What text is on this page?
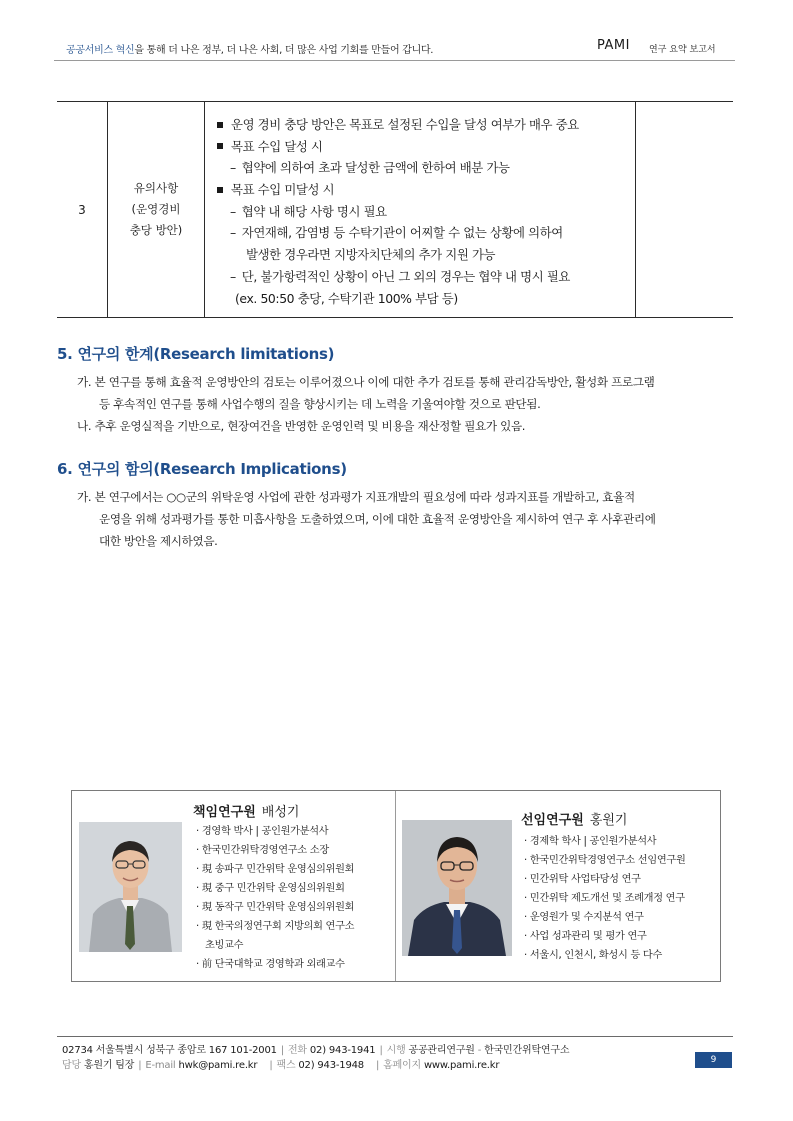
공공서비스 혁신을 통해 더 나은 정부, 더 나은 사회, 더 많은 사업 기회를 만들어 갑니다.	PAMI 연구 요약 보고서
3
유의사항
(운영경비
충당 방안)
운영 경비 충당 방안은 목표로 설정된 수입을 달성 여부가 매우 중요
목표 수입 달성 시
– 협약에 의하여 초과 달성한 금액에 한하여 배분 가능
목표 수입 미달성 시
– 협약 내 해당 사항 명시 필요
– 자연재해, 감염병 등 수탁기관이 어찌할 수 없는 상황에 의하여
발생한 경우라면 지방자치단체의 추가 지원 가능
– 단, 불가항력적인 상황이 아닌 그 외의 경우는 협약 내 명시 필요
(ex. 50:50 충당, 수탁기관 100% 부담 등)
5. 연구의 한계(Research limitations)
가. 본 연구를 통해 효율적 운영방안의 검토는 이루어졌으나 이에 대한 추가 검토를 통해 관리감독방안, 활성화 프로그램
등 후속적인 연구를 통해 사업수행의 질을 향상시키는 데 노력을 기울여야할 것으로 판단됨.
나. 추후 운영실적을 기반으로, 현장여건을 반영한 운영인력 및 비용을 재산정할 필요가 있음.
6. 연구의 함의(Research Implications)
가. 본 연구에서는 ○○군의 위탁운영 사업에 관한 성과평가 지표개발의 필요성에 따라 성과지표를 개발하고, 효율적
운영을 위해 성과평가를 통한 미흡사항을 도출하였으며, 이에 대한 효율적 운영방안을 제시하여 연구 후 사후관리에
대한 방안을 제시하였음.
책임연구원 배성기
· 경영학 박사 | 공인원가분석사
· 한국민간위탁경영연구소 소장
· 現 송파구 민간위탁 운영심의위원회
· 現 중구 민간위탁 운영심의위원회
· 現 동작구 민간위탁 운영심의위원회
· 現 한국의정연구회 지방의회 연구소
초빙교수
· 前 단국대학교 경영학과 외래교수
선임연구원 홍원기
· 경제학 학사 | 공인원가분석사
· 한국민간위탁경영연구소 선임연구원
· 민간위탁 사업타당성 연구
· 민간위탁 제도개선 및 조례개정 연구
· 운영원가 및 수지분석 연구
· 사업 성과관리 및 평가 연구
· 서울시, 인천시, 화성시 등 다수
02734 서울특별시 성북구 종암로 167 101-2001 | 전화 02) 943-1941 | 시행 공공관리연구원 - 한국민간위탁연구소
담당 홍원기 팀장 | E-mail hwk@pami.re.kr | 팩스 02) 943-1948 | 홈페이지 www.pami.re.kr	9
